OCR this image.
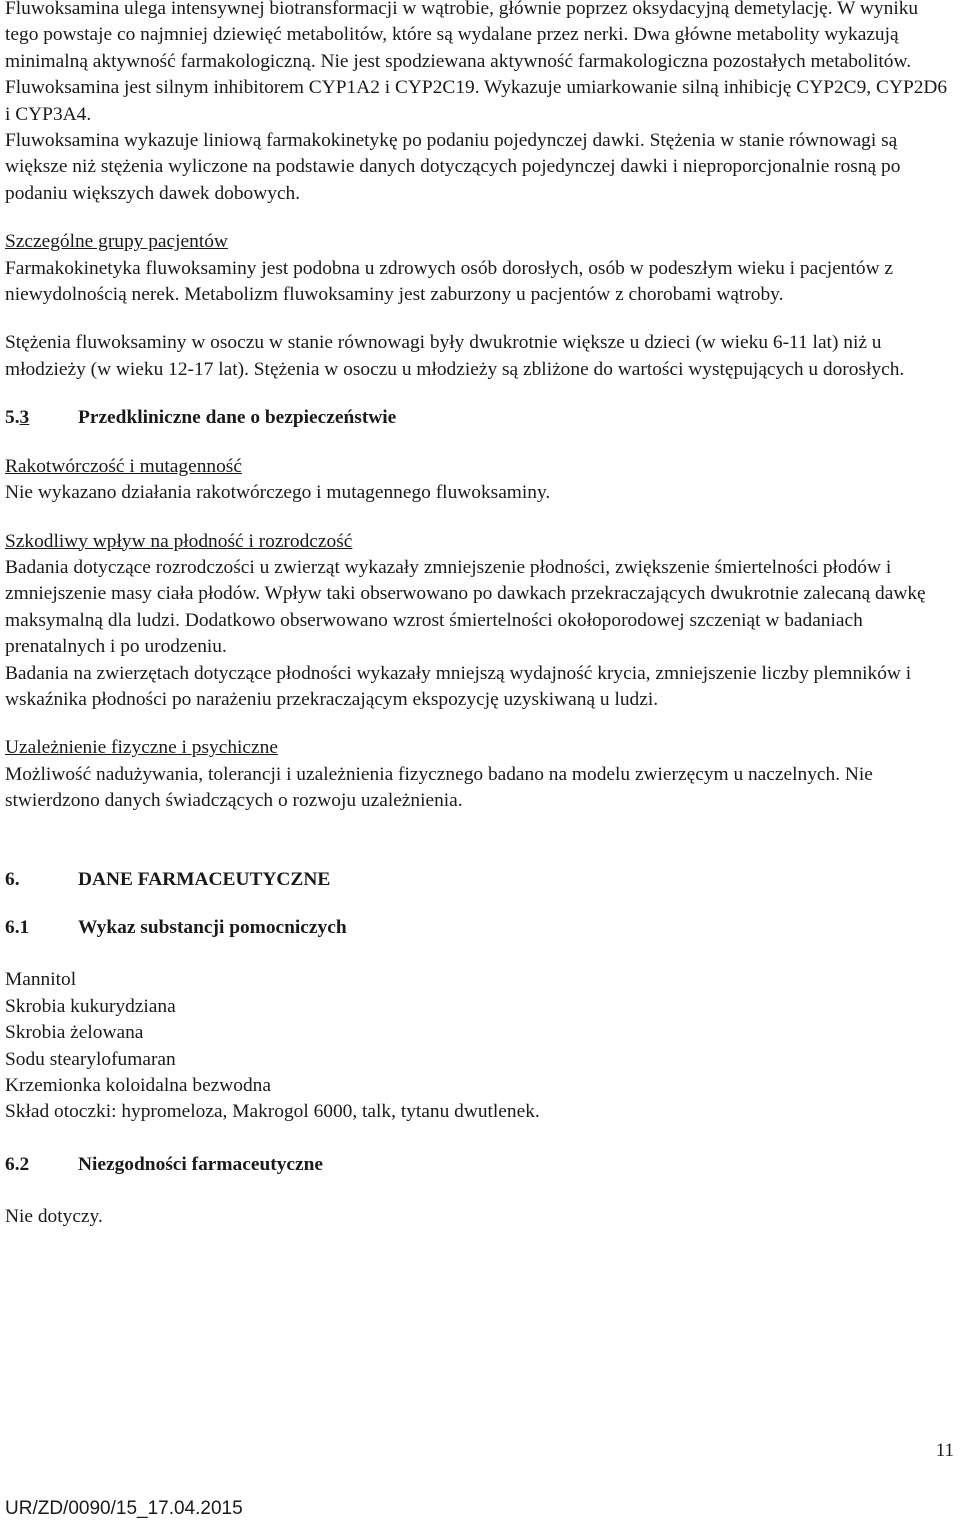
Fluwoksamina ulega intensywnej biotransformacji w wątrobie, głównie poprzez oksydacyjną demetylację. W wyniku tego powstaje co najmniej dziewięć metabolitów, które są wydalane przez nerki. Dwa główne metabolity wykazują minimalną aktywność farmakologiczną. Nie jest spodziewana aktywność farmakologiczna pozostałych metabolitów. Fluwoksamina jest silnym inhibitorem CYP1A2 i CYP2C19. Wykazuje umiarkowanie silną inhibicję CYP2C9, CYP2D6 i CYP3A4.

Fluwoksamina wykazuje liniową farmakokinetykę po podaniu pojedynczej dawki. Stężenia w stanie równowagi są większe niż stężenia wyliczone na podstawie danych dotyczących pojedynczej dawki i nieproporcjonalnie rosną po podaniu większych dawek dobowych.

Szczególne grupy pacjentów

Farmakokinetyka fluwoksaminy jest podobna u zdrowych osób dorosłych, osób w podeszłym wieku i pacjentów z niewydolnością nerek. Metabolizm fluwoksaminy jest zaburzony u pacjentów z chorobami wątroby.

Stężenia fluwoksaminy w osoczu w stanie równowagi były dwukrotnie większe u dzieci (w wieku 6-11 lat) niż u młodzieży (w wieku 12-17 lat). Stężenia w osoczu u młodzieży są zbliżone do wartości występujących u dorosłych.

5.3	Przedkliniczne dane o bezpieczeństwie

Rakotwórczość i mutagenność

Nie wykazano działania rakotwórczego i mutagennego fluwoksaminy.

Szkodliwy wpływ na płodność i rozrodczość

Badania dotyczące rozrodczości u zwierząt wykazały zmniejszenie płodności, zwiększenie śmiertelności płodów i zmniejszenie masy ciała płodów. Wpływ taki obserwowano po dawkach przekraczających dwukrotnie zalecaną dawkę maksymalną dla ludzi. Dodatkowo obserwowano wzrost śmiertelności okołoporodowej szczeniąt w badaniach prenatalnych i po urodzeniu.

Badania na zwierzętach dotyczące płodności wykazały mniejszą wydajność krycia, zmniejszenie liczby plemników i wskaźnika płodności po narażeniu przekraczającym ekspozycję uzyskiwaną u ludzi.

Uzależnienie fizyczne i psychiczne

Możliwość nadużywania, tolerancji i uzależnienia fizycznego badano na modelu zwierzęcym u naczelnych. Nie stwierdzono danych świadczących o rozwoju uzależnienia.

6.	DANE FARMACEUTYCZNE

6.1	Wykaz substancji pomocniczych

Mannitol

Skrobia kukurydziana

Skrobia żelowana

Sodu stearylofumaran

Krzemionka koloidalna bezwodna

Skład otoczki: hypromeloza, Makrogol 6000, talk, tytanu dwutlenek.

6.2	Niezgodności farmaceutyczne

Nie dotyczy.

11
UR/ZD/0090/15_17.04.2015
